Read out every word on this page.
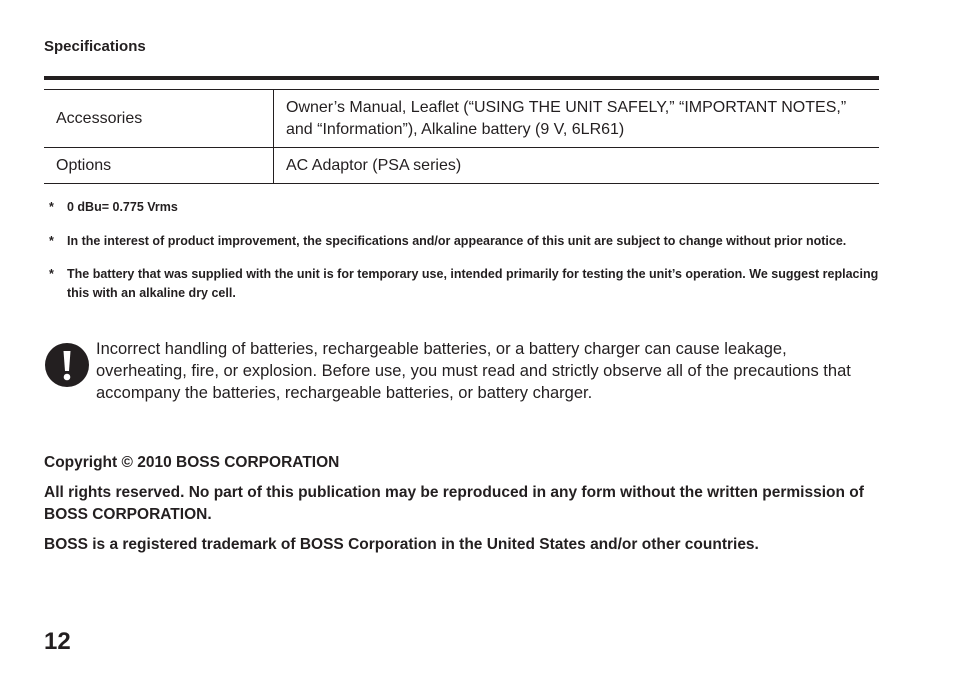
Specifications
Accessories	Owner’s Manual, Leaflet (“USING THE UNIT SAFELY,” “IMPORTANT NOTES,”
and “Information”), Alkaline battery (9 V, 6LR61)
Options	AC Adaptor (PSA series)
*	0 dBu= 0.775 Vrms
*	In the interest of product improvement, the specifications and/or appearance of this unit are subject to change without prior notice.
*	The battery that was supplied with the unit is for temporary use, intended primarily for testing the unit’s operation. We suggest replacing this with an alkaline dry cell.
Incorrect handling of batteries, rechargeable batteries, or a battery charger can cause leakage, overheating, fire, or explosion. Before use, you must read and strictly observe all of the precautions that accompany the batteries, rechargeable batteries, or battery charger.

Copyright © 2010 BOSS CORPORATION

All rights reserved. No part of this publication may be reproduced in any form without the written permission of BOSS CORPORATION.

BOSS is a registered trademark of BOSS Corporation in the United States and/or other countries.

12
